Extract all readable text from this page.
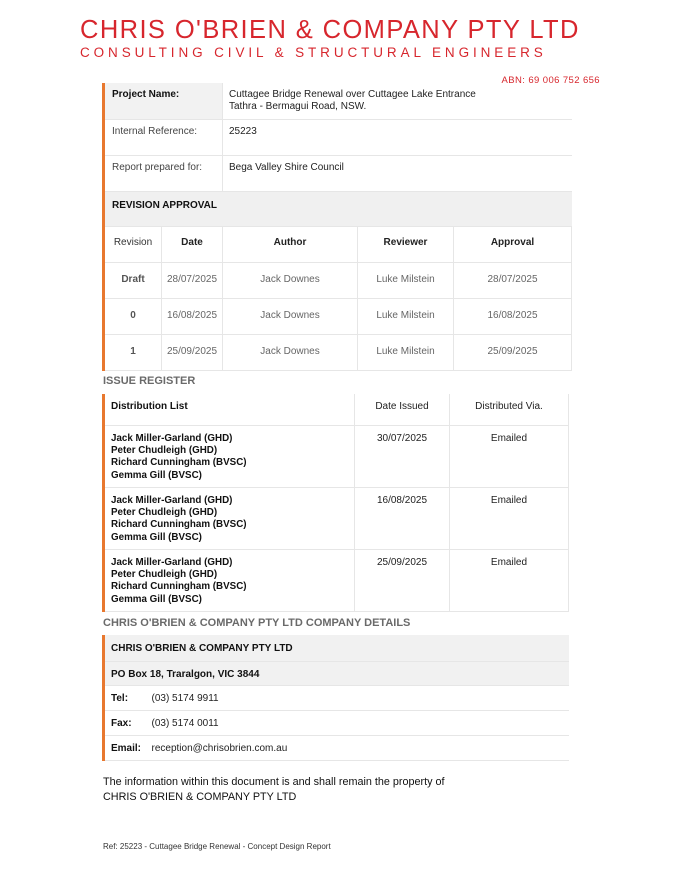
CHRIS O'BRIEN & COMPANY PTY LTD
CONSULTING CIVIL & STRUCTURAL ENGINEERS
ABN: 69 006 752 656
Project Name:		Cuttagee Bridge Renewal over Cuttagee Lake Entrance
Tathra - Bermagui Road, NSW.		

Internal Reference:		25223		
Report prepared for:		Bega Valley Shire Council		
REVISION APPROVAL				
Revision	Date	Author	Reviewer	Approval
Draft	28/07/2025	Jack Downes	Luke Milstein	28/07/2025
0	16/08/2025	Jack Downes	Luke Milstein	16/08/2025
1	25/09/2025	Jack Downes	Luke Milstein	25/09/2025
ISSUE REGISTER
Distribution List	Date Issued	Distributed Via.

Jack Miller-Garland (GHD)
Peter Chudleigh (GHD)
Richard Cunningham (BVSC)
Gemma Gill (BVSC)	30/07/2025	Emailed

Jack Miller-Garland (GHD)
Peter Chudleigh (GHD)
Richard Cunningham (BVSC)
Gemma Gill (BVSC)	16/08/2025	Emailed

Jack Miller-Garland (GHD)
Peter Chudleigh (GHD)
Richard Cunningham (BVSC)
Gemma Gill (BVSC)	25/09/2025	Emailed
CHRIS O'BRIEN & COMPANY PTY LTD COMPANY DETAILS
CHRIS O'BRIEN & COMPANY PTY LTD	
PO Box 18, Traralgon, VIC 3844	
Tel:	(03) 5174 9911
Fax:	(03) 5174 0011
Email:	reception@chrisobrien.com.au
The information within this document is and shall remain the property of
CHRIS O'BRIEN & COMPANY PTY LTD
Ref: 25223 - Cuttagee Bridge Renewal - Concept Design Report
